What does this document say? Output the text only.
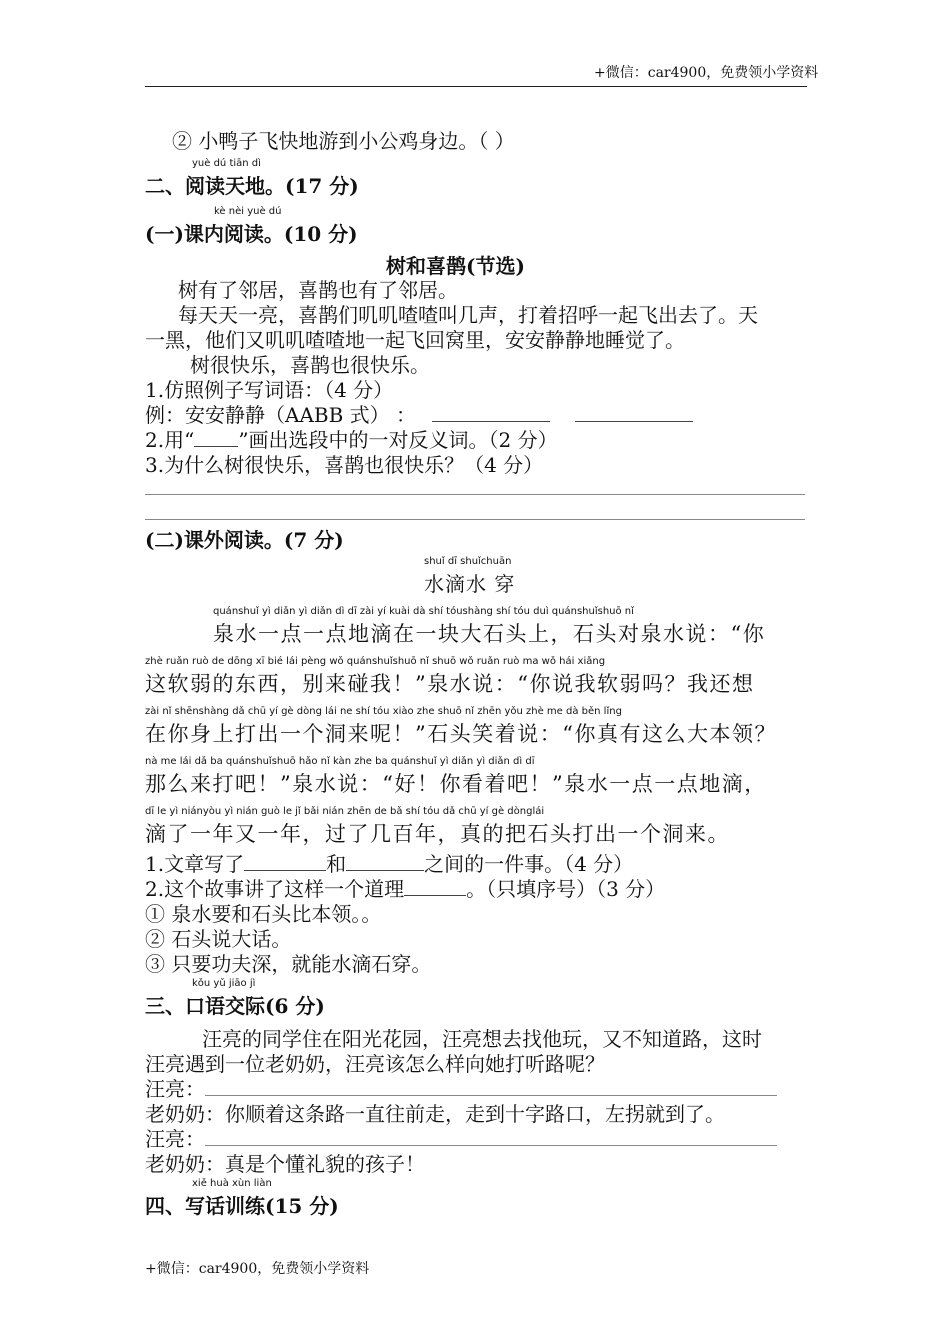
+微信：car4900，免费领小学资料
② 小鸭子飞快地游到小公鸡身边。（ ）
yuè dú tiān dì
二、阅读天地。(17 分)
kè nèi yuè dú
(一)课内阅读。(10 分)
树和喜鹊(节选)
树有了邻居，喜鹊也有了邻居。
每天天一亮，喜鹊们叽叽喳喳叫几声，打着招呼一起飞出去了。天
一黑，他们又叽叽喳喳地一起飞回窝里，安安静静地睡觉了。
树很快乐，喜鹊也很快乐。
1.仿照例子写词语：（4 分）
例：安安静静（AABB 式） ：
2.用“ ”画出选段中的一对反义词。（2 分）
3.为什么树很快乐，喜鹊也很快乐？（4 分）
(二)课外阅读。(7 分)
shuǐ dī shuǐchuān
水滴水 穿
quánshuǐ yì diǎn yì diǎn dì dī zài yí kuài dà shí tóushàng shí tóu duì quánshuǐshuō nǐ
泉水一点一点地滴在一块大石头上，石头对泉水说：“你
zhè ruǎn ruò de dōng xī bié lái pèng wǒ quánshuǐshuō nǐ shuō wǒ ruǎn ruò ma wǒ hái xiǎng
这软弱的东西，别来碰我！”泉水说：“你说我软弱吗？我还想
zài nǐ shēnshàng dǎ chū yí gè dòng lái ne shí tóu xiào zhe shuō nǐ zhēn yǒu zhè me dà běn lǐng
在你身上打出一个洞来呢！”石头笑着说：“你真有这么大本领？
nà me lái dǎ ba quánshuǐshuō hǎo nǐ kàn zhe ba quánshuǐ yì diǎn yì diǎn dì dī
那么来打吧！”泉水说：“好！你看着吧！”泉水一点一点地滴，
dī le yì niányòu yì nián guò le jǐ bǎi nián zhēn de bǎ shí tóu dǎ chū yí gè dònglái
滴了一年又一年，过了几百年，真的把石头打出一个洞来。
1.文章写了	和	之间的一件事。（4 分）
2.这个故事讲了这样一个道理	。（只填序号）（3 分）
① 泉水要和石头比本领。。
② 石头说大话。
③ 只要功夫深，就能水滴石穿。
kǒu yǔ jiāo jì
三、口语交际(6 分)
汪亮的同学住在阳光花园，汪亮想去找他玩，又不知道路，这时
汪亮遇到一位老奶奶，汪亮该怎么样向她打听路呢？
汪亮：
老奶奶：你顺着这条路一直往前走，走到十字路口，左拐就到了。
汪亮：
老奶奶：真是个懂礼貌的孩子！
xiě huà xùn liàn
四、写话训练(15 分)
+微信：car4900，免费领小学资料
